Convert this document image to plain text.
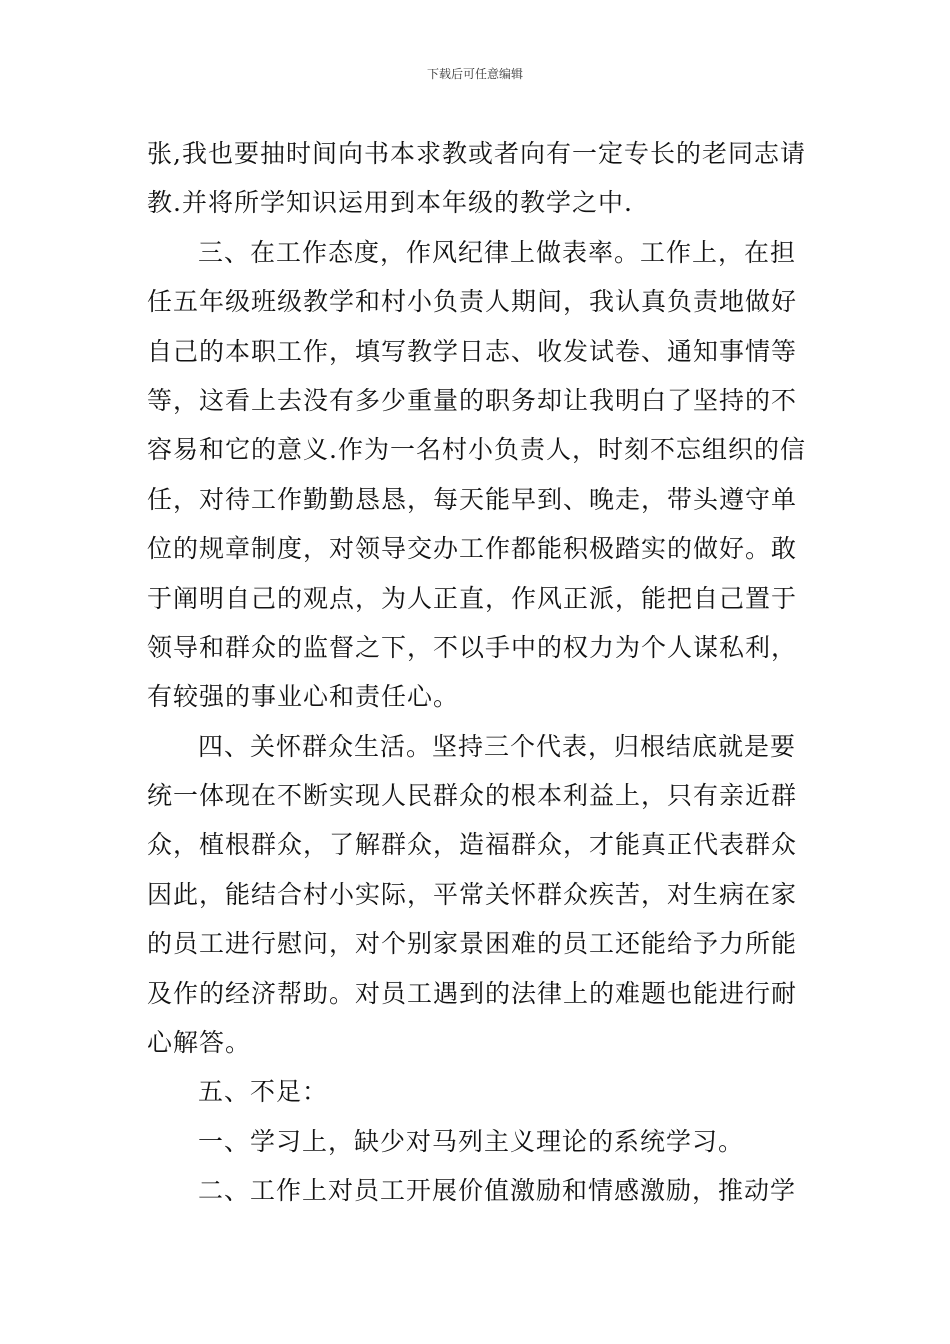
下载后可任意编辑
张,我也要抽时间向书本求教或者向有一定专长的老同志请
教.并将所学知识运用到本年级的教学之中.
三、在工作态度，作风纪律上做表率。工作上，在担
任五年级班级教学和村小负责人期间，我认真负责地做好
自己的本职工作，填写教学日志、收发试卷、通知事情等
等，这看上去没有多少重量的职务却让我明白了坚持的不
容易和它的意义.作为一名村小负责人，时刻不忘组织的信
任，对待工作勤勤恳恳，每天能早到、晚走，带头遵守单
位的规章制度，对领导交办工作都能积极踏实的做好。敢
于阐明自己的观点，为人正直，作风正派，能把自己置于
领导和群众的监督之下，不以手中的权力为个人谋私利，
有较强的事业心和责任心。
四、关怀群众生活。坚持三个代表，归根结底就是要
统一体现在不断实现人民群众的根本利益上，只有亲近群
众，植根群众，了解群众，造福群众，才能真正代表群众
因此，能结合村小实际，平常关怀群众疾苦，对生病在家
的员工进行慰问，对个别家景困难的员工还能给予力所能
及作的经济帮助。对员工遇到的法律上的难题也能进行耐
心解答。
五、不足：
一、学习上，缺少对马列主义理论的系统学习。
二、工作上对员工开展价值激励和情感激励，推动学
